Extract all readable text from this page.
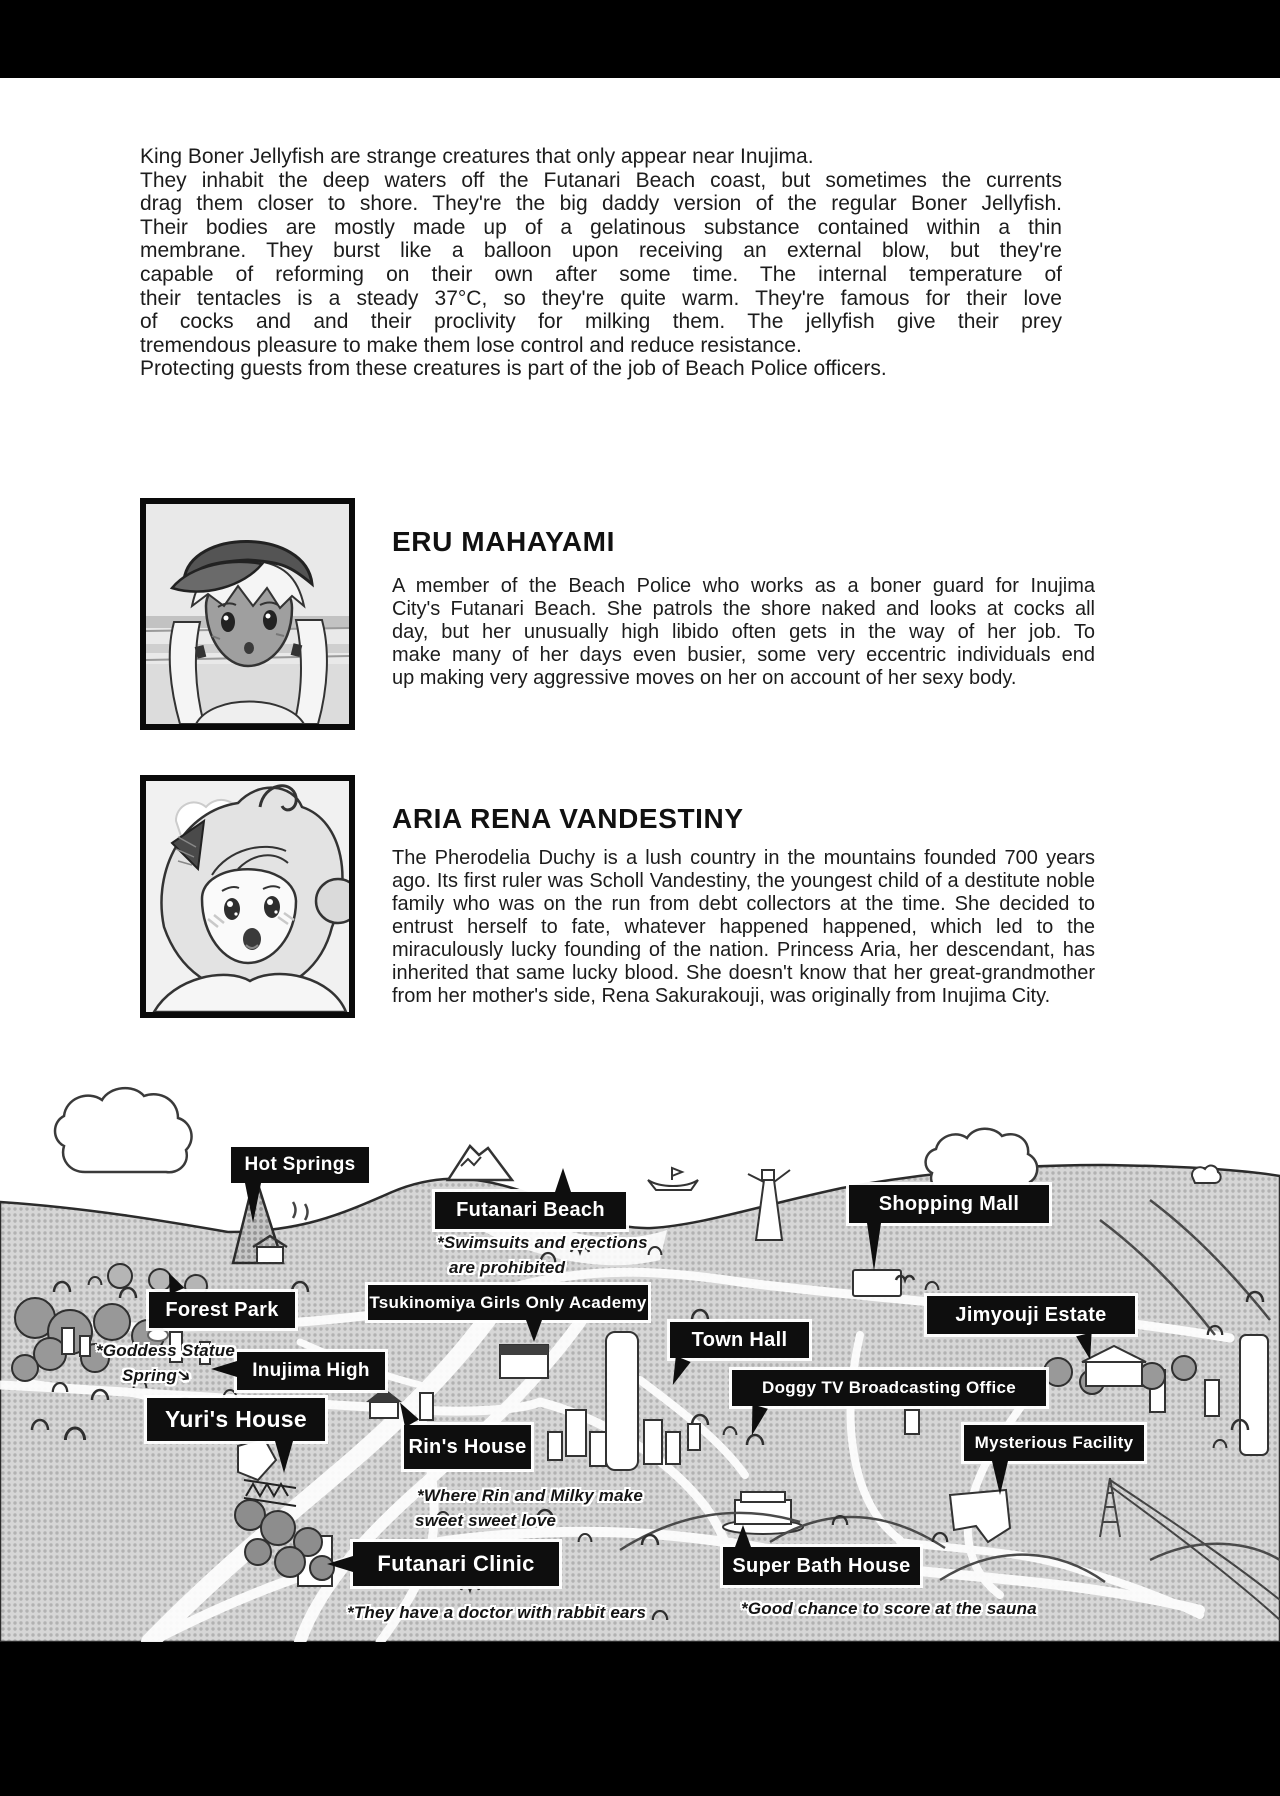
King Boner Jellyfish are strange creatures that only appear near Inujima.
They inhabit the deep waters off the Futanari Beach coast, but sometimes the currents
drag them closer to shore. They're the big daddy version of the regular Boner Jellyfish.
Their bodies are mostly made up of a gelatinous substance contained within a thin
membrane. They burst like a balloon upon receiving an external blow, but they're
capable of reforming on their own after some time. The internal temperature of
their tentacles is a steady 37°C, so they're quite warm. They're famous for their love
of cocks and and their proclivity for milking them. The jellyfish give their prey
tremendous pleasure to make them lose control and reduce resistance.
Protecting guests from these creatures is part of the job of Beach Police officers.
ERU MAHAYAMI
A member of the Beach Police who works as a boner guard for Inujima
City's Futanari Beach. She patrols the shore naked and looks at cocks all
day, but her unusually high libido often gets in the way of her job. To
make many of her days even busier, some very eccentric individuals end
up making very aggressive moves on her on account of her sexy body.
ARIA RENA VANDESTINY
The Pherodelia Duchy is a lush country in the mountains founded 700 years
ago. Its first ruler was Scholl Vandestiny, the youngest child of a destitute noble
family who was on the run from debt collectors at the time. She decided to
entrust herself to fate, whatever happened happened, which led to the
miraculously lucky founding of the nation. Princess Aria, her descendant, has
inherited that same lucky blood. She doesn't know that her great-grandmother
from her mother's side, Rena Sakurakouji, was originally from Inujima City.
Hot Springs
Futanari Beach	Shopping Mall
Forest Park	Tsukinomiya Girls Only Academy
Town Hall
Jimyouji Estate
Inujima High
Doggy TV Broadcasting Office
Yuri's House
Rin's House	Mysterious Facility
Futanari Clinic	Super Bath House
*Swimsuits and erections
are prohibited
*Goddess Statue
Spring➔
*Where Rin and Milky make
sweet sweet love
*They have a doctor with rabbit ears	*Good chance to score at the sauna
